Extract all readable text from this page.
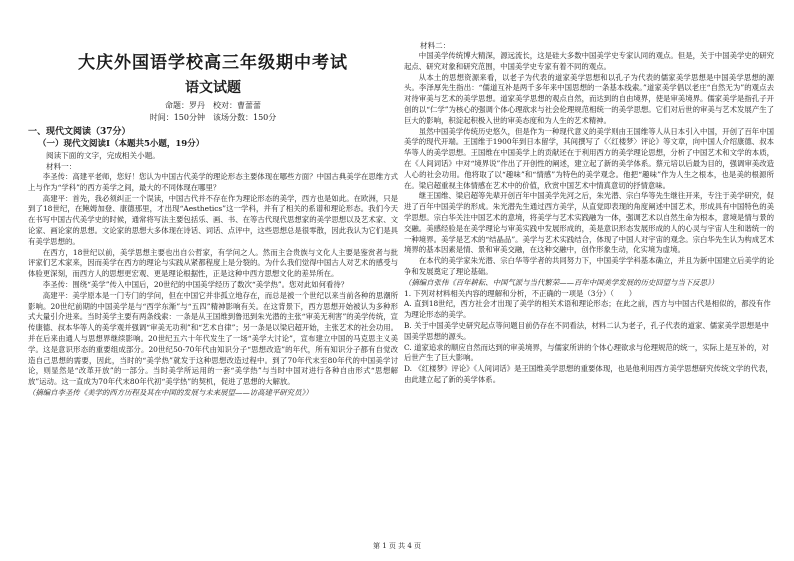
大庆外国语学校高三年级期中考试
语文试题
命题：罗丹　校对：曹蕾蕾
时间：150分钟　该场分数：150分
一、现代文阅读（37分）
（一）现代文阅读Ⅰ（本题共5小题，19分）
阅读下面的文字，完成相关小题。
材料一：

李圣传：高建平老师，您好！您认为中国古代美学的理论形态主要体现在哪些方面？中国古典美学在思维方式上与作为“学科”的西方美学之间，最大的不同体现在哪里？

高建平：首先，我必须纠正一个误读，中国古代并不存在作为理论形态的美学，西方也是如此。在欧洲，只是到了18世纪，在鲍姆加登、康德那里，才出现“Aesthetics”这一学科，并有了相关的系谱和理论形态。我们今天在书写中国古代美学史的时候，通常将写法主要包括乐、画、书、在等古代现代思想家的美学思想以及艺术家、文论家、画论家的思想。文论家的思想大多体现在诗话、词话、点评中，这些思想总是很零散，因此我认为它们是具有美学思想的。

在西方，18世纪以前，美学思想主要也出自公哲家，有学问之人。然而主合贵族与文化人主要是鉴赏者与批评家们艺术家来，因而美学在西方的理论与实践从紧都程度上是分裂的。为什么我们觉得中国古人对艺术的感受与体验更深刻，而西方人的思想更宏观、更是理论根据性，正是这种中西方思想文化的差异所在。

李圣传：围绕“美学”传入中国后，20世纪的中国美学经历了数次“美学热”。您对此如何看待？

高建平：美学原本是一门专门的学问，但在中国它并非孤立地存在，而总是被一个世纪以来当前各种的思潮所影响。20世纪前期的中国美学是与“西学东渐”与“五四”精神影响有关。在这背景下，西方思想开始被认为多种形式大量引介进来。当时美学主要有两条线索：一条是从王国维到鲁迅到朱光潜的主张“审美无利害”的美学传统，宣传康德、叔本华等人的美学观并强调“审美无功利”和“艺术自律”；另一条是以梁启超开始，主张艺术的社会功用。并在后来由通人与思想界继续影响。20世纪五六十年代发生了一场“美学大讨论”，宣布建立中国的马克思主义美学。这是意识形态的重要组成部分。20世纪50-70年代由知识分子“思想改造”的年代，所有知识分子都有自觉改造自己思想的需要，因此，当时的“美学热”就发于这种思想改造过程中。到了70年代末至80年代的中国美学讨论，则显然是“改革开放”的一部分。当时美学所运用的一套“美学热”与当时中国对进行各种自由形式“思想解放”运动。这一直成为70年代末80年代初“美学热”的契机，促进了思想的大解放。

（摘编自李圣传《美学的西方历程及其在中国的发展与未来展望——访高建平研究员》）
材料二：

中国美学传统博大精深，源远流长，这是硅大多数中国美学史专家认同的观点。但是，关于中国美学史的研究起点、研究对象和研究范围，中国美学史专家有着不同的观点。

从本土的思想资源来看，以老子为代表的道家美学思想和以孔子为代表的儒家美学思想是中国美学思想的源头。李泽厚先生指出：“儒道互补是两千多年来中国思想的一条基本线索。”道家美学倡以老庄“自然无为”的观点去对待审美与艺术的美学思想。道家美学思想的观点自然，而达到的自由境界，使是审美境界。儒家美学是指孔子开创的以“仁学”为核心的强调个体心理欲求与社会伦理规范相统一的美学思想。它们对后世的审美与艺术发展产生了巨大的影响，积淀起积极入世的审美态度和为人生的艺术精神。

虽然中国美学传统历史悠久，但是作为一种现代意义的美学则由王国维等人从日本引入中国，开创了百年中国美学的现代开端。王国维于1900年到日本留学，其间撰写了《〈红楼梦〉评论》等文章，向中国人介绍康德、叔本华等人的美学思想。王国维在中国美学上的贡献还在于利用西方的美学理论思想，分析了中国艺术和文学的本质，在《人间词话》中对“境界说”作出了开创性的阐述，建立起了新的美学体系。蔡元培以后最为目的，强调审美改造人心的社会功用。他将取了以“趣味”和“情感”为特色的美学观念。他把“趣味”作为人生之根本，也是美的根源所在。梁启超重视主体情感在艺术中的价值，欣赏中国艺术中情真意切的抒情意味。

继王国维、梁启超等先辈开创百年中国美学先河之后，朱光潜、宗白华等先生继往开来，专注于美学研究，促进了百年中国美学的形成。朱光潜先生通过西方美学，从直觉即表现的角度阐述中国艺术，形成具有中国特色的美学思想。宗白华关注中国艺术的意境，将美学与艺术实践融为一体，强调艺术以自然生命为根本，意境是情与景的交融。美感经验是在美学理论与审美实践中发展形成的，美是意识形态发展形成的人的心灵与宇宙人生和谐统一的一种境界。美学是艺术的“结晶品”。美学与艺术实践结合，体现了中国人对宇宙的观念。宗白华先生认为构成艺术境界的基本因素是情、景和审美交融，在这种交融中，创作形象生动，化实境为虚境。

在本代的美学家朱光潜、宗白华等学者的共同努力下，中国美学学科基本确立，并且为新中国建立后美学的论争和发展奠定了理论基础。

（摘编自张伟《百年耕耘、中国气派与当代繁荣——百年中国美学发展的历史回望与当下反思》）

1. 下列对材料相关内容的理解和分析，不正确的一项是（3分）（　　）

A. 直到18世纪，西方社会才出现了美学的相关术语和理论形态；在此之前，西方与中国古代是相似的，都没有作为理论形态的美学。

B. 关于中国美学史研究起点等问题目前仍存在不同看法，材料二认为老子，孔子代表的道家、儒家美学思想是中国美学思想的源头。

C. 道家追求的顺应自然而达到的审美境界，与儒家所讲的个体心理欲求与伦理规范的统一，实际上是互补的，对后世产生了巨大影响。

D. 《红楼梦》评论》《人间词话》是王国维美学思想的重要体现，也是他利用西方美学思想研究传统文学的代表，由此建立起了新的美学体系。

第 1 页 共 4 页
